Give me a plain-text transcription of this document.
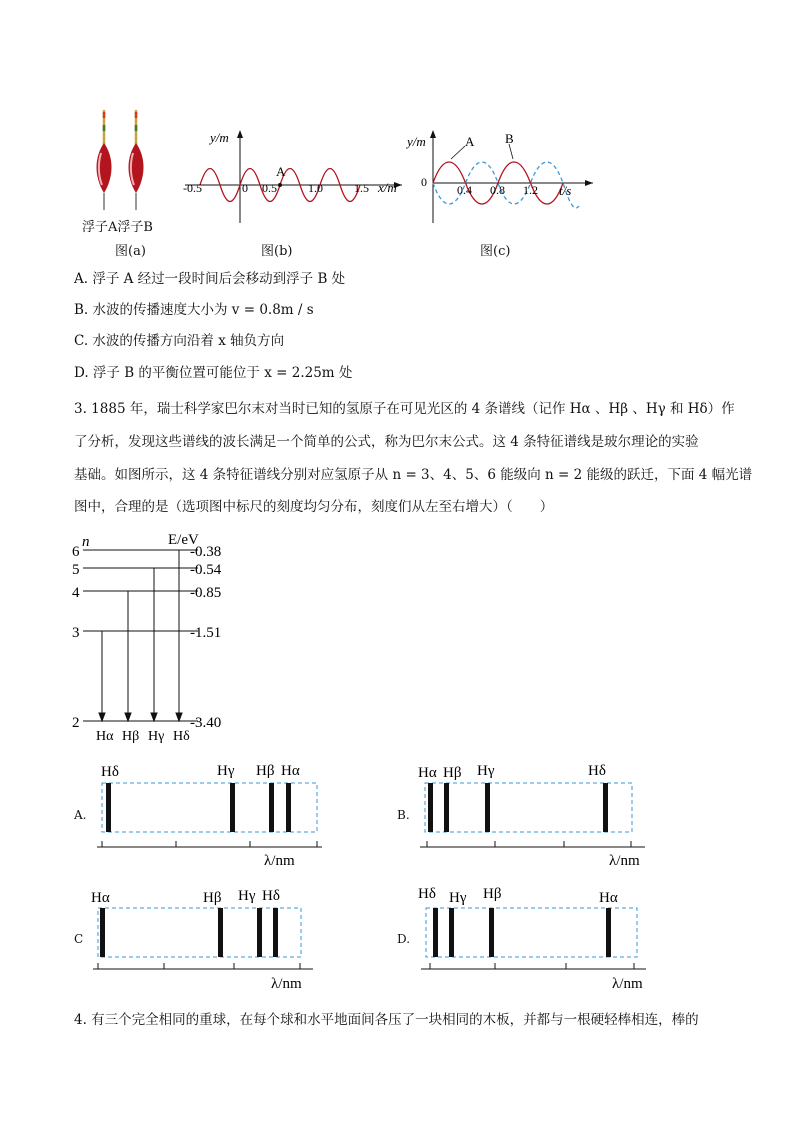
浮子A浮子B
图(a)
y/m
x/m
A
-0.5	0 0.5	1.0	1.5
图(b)
A B
y/m
t/s
0
0.4 0.8 1.2
图(c)
A. 浮子 A 经过一段时间后会移动到浮子 B 处
B. 水波的传播速度大小为 v = 0.8m / s
C. 水波的传播方向沿着 x 轴负方向
D. 浮子 B 的平衡位置可能位于 x = 2.25m 处
3. 1885 年，瑞士科学家巴尔末对当时已知的氢原子在可见光区的 4 条谱线（记作 Hα 、Hβ 、Hγ 和 Hδ）作
了分析，发现这些谱线的波长满足一个简单的公式，称为巴尔末公式。这 4 条特征谱线是玻尔理论的实验
基础。如图所示，这 4 条特征谱线分别对应氢原子从 n = 3、4、5、6 能级向 n = 2 能级的跃迁，下面 4 幅光谱
图中，合理的是（选项图中标尺的刻度均匀分布，刻度们从左至右增大）（　　）
n	E/eV
6
5
4
3
2
-0.38
-0.54
-0.85
-1.51
-3.40
Hα Hβ Hγ Hδ
A.
Hδ	Hγ Hβ Hα
λ/nm
B.
Hα Hβ Hγ	Hδ
λ/nm
C
Hα	Hβ Hγ Hδ
λ/nm
D.
Hδ Hγ Hβ	Hα
λ/nm
4. 有三个完全相同的重球，在每个球和水平地面间各压了一块相同的木板，并都与一根硬轻棒相连，棒的
